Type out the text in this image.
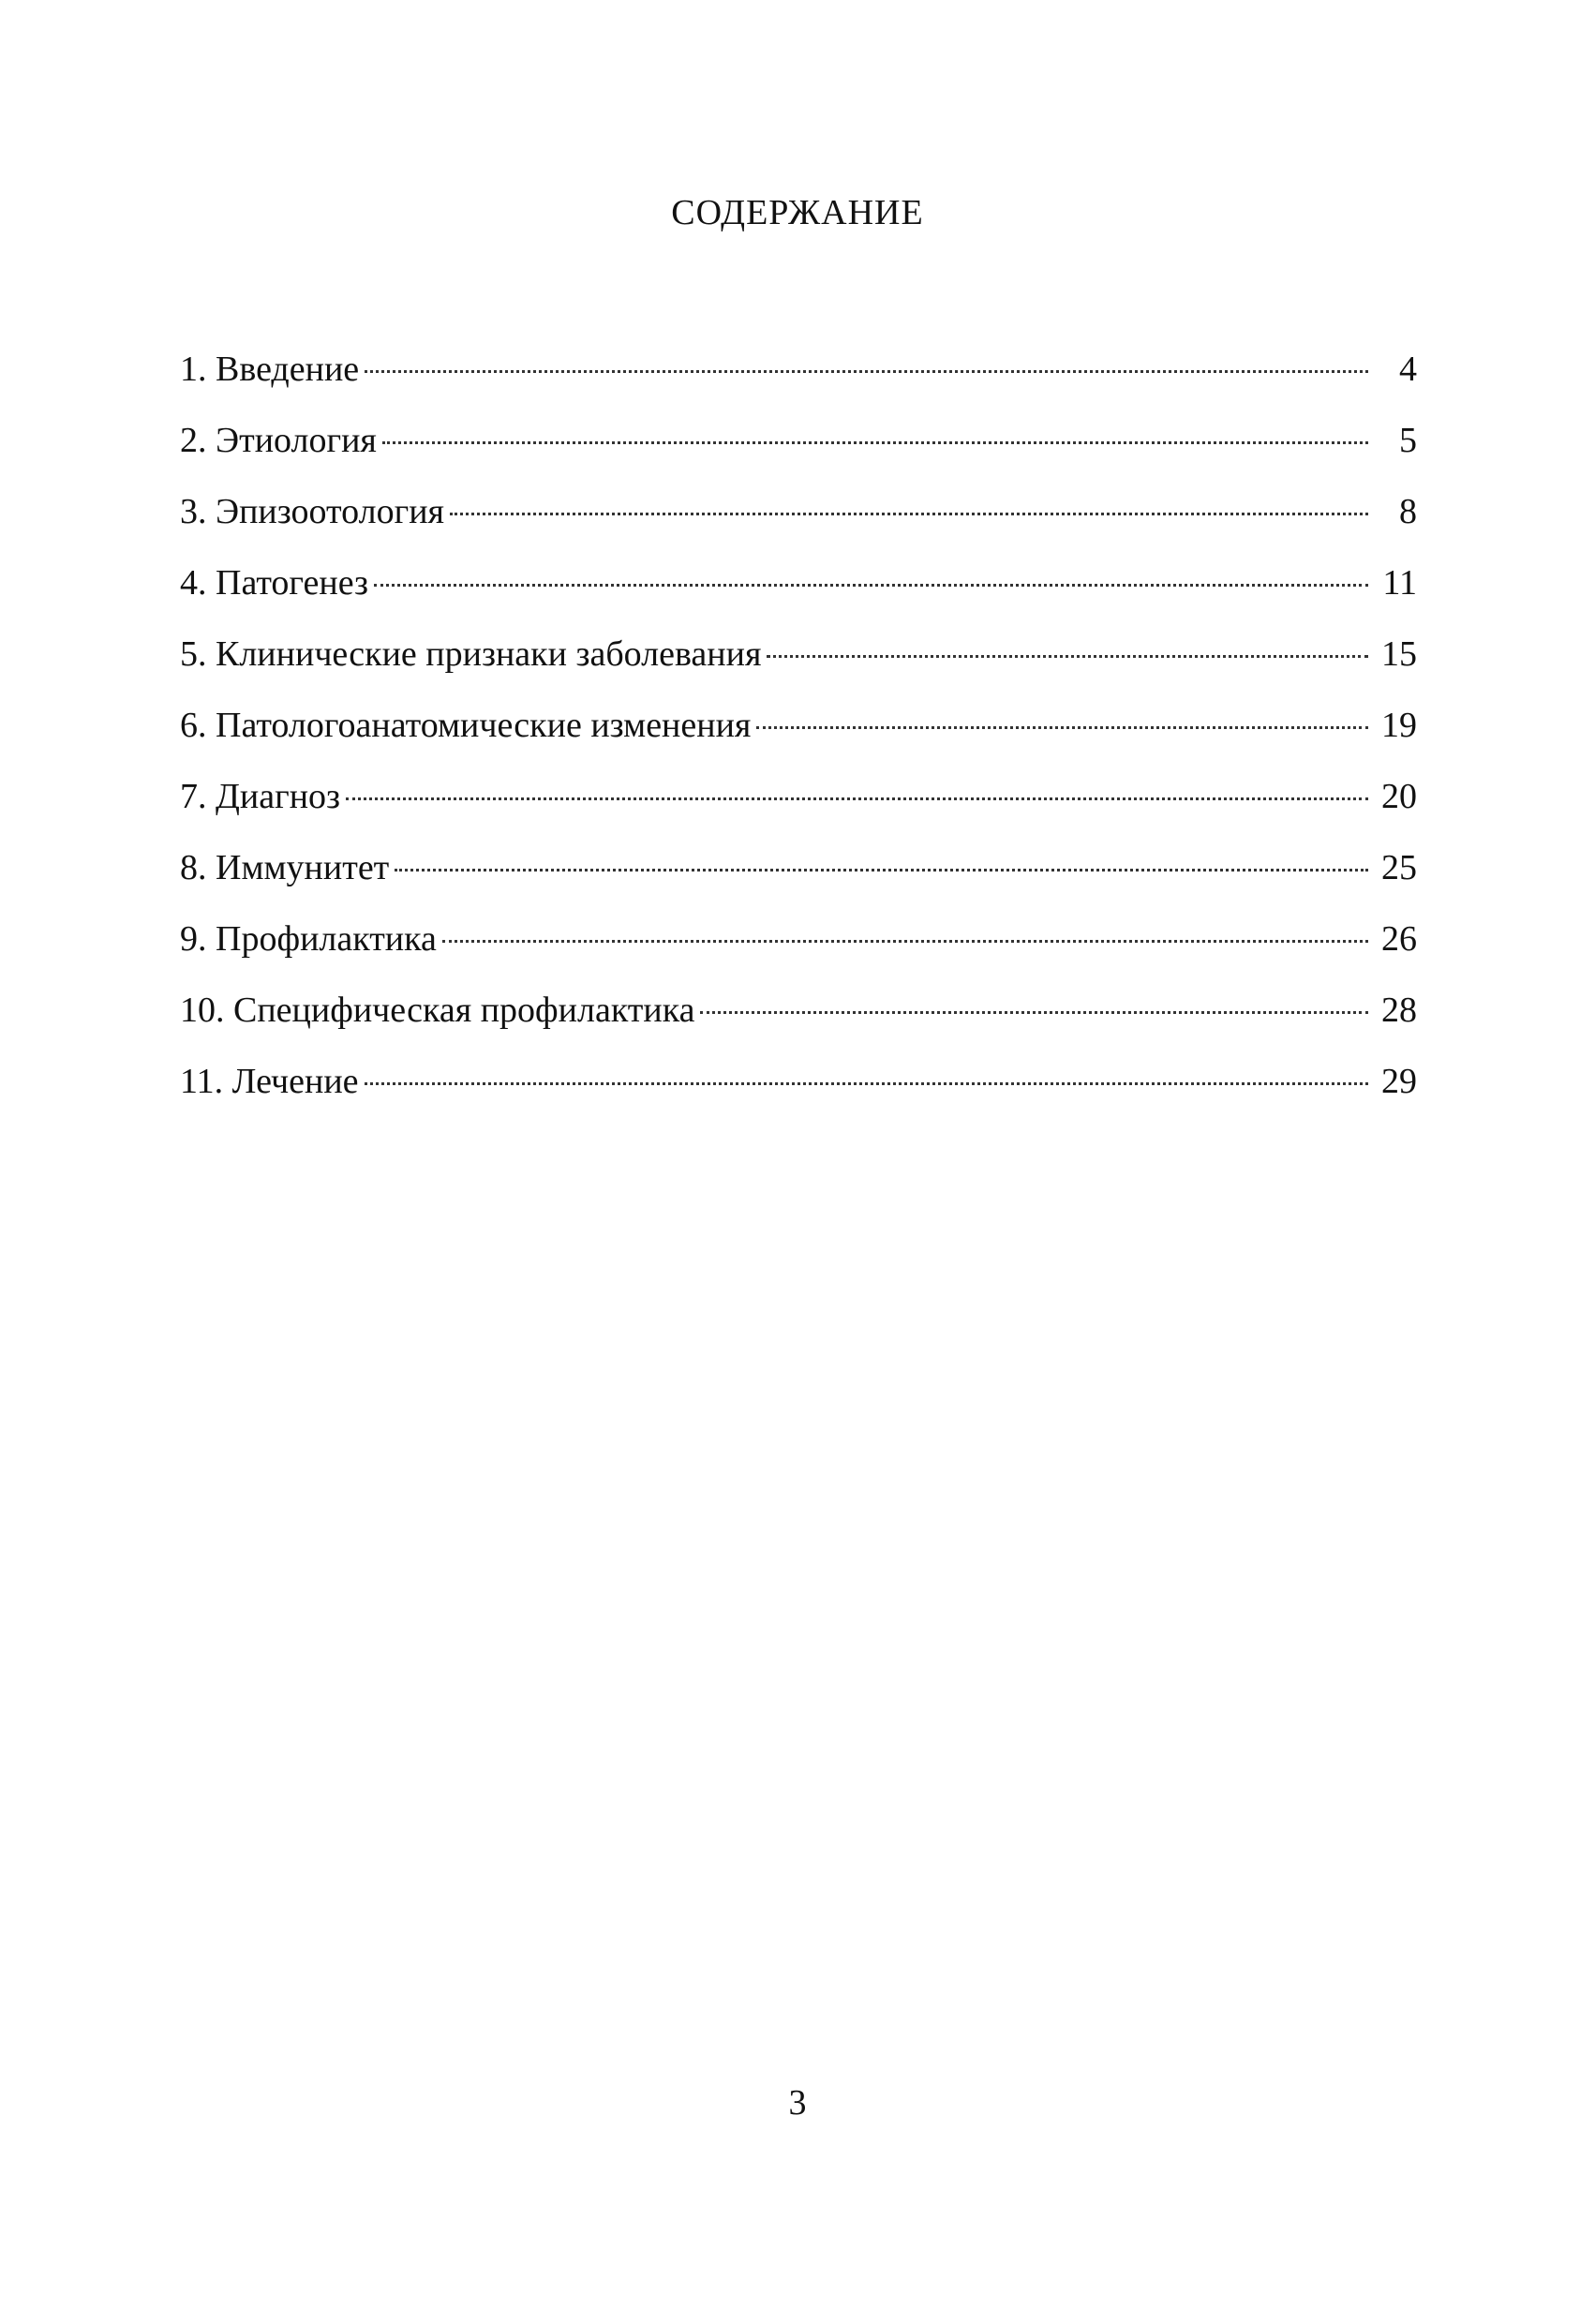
СОДЕРЖАНИЕ
1. Введение	4
2. Этиология	5
3. Эпизоотология	8
4. Патогенез	11
5. Клинические признаки заболевания	15
6. Патологоанатомические изменения	19
7. Диагноз	20
8. Иммунитет	25
9. Профилактика	26
10. Специфическая профилактика	28
11. Лечение	29
3
